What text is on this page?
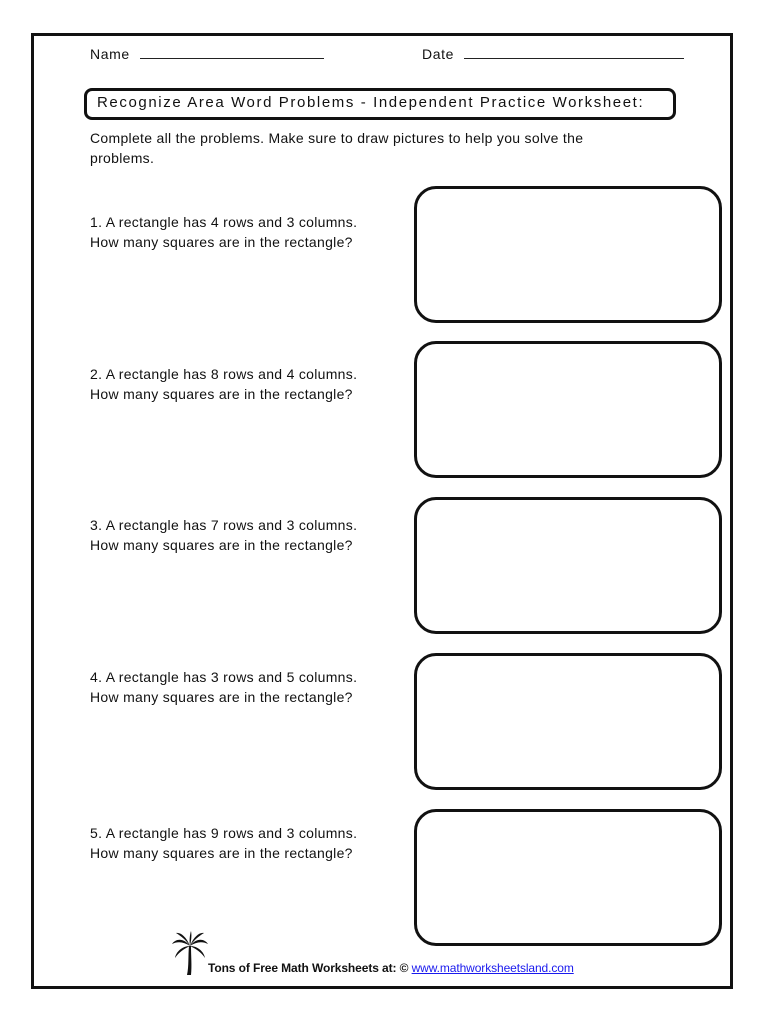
Name	Date
Recognize Area Word Problems - Independent Practice Worksheet:
Complete all the problems. Make sure to draw pictures to help you solve the problems.
1. A rectangle has 4 rows and 3 columns.
How many squares are in the rectangle?
2. A rectangle has 8 rows and 4 columns.
How many squares are in the rectangle?
3. A rectangle has 7 rows and 3 columns.
How many squares are in the rectangle?
4. A rectangle has 3 rows and 5 columns.
How many squares are in the rectangle?
5. A rectangle has 9 rows and 3 columns.
How many squares are in the rectangle?
Tons of Free Math Worksheets at: © www.mathworksheetsland.com
